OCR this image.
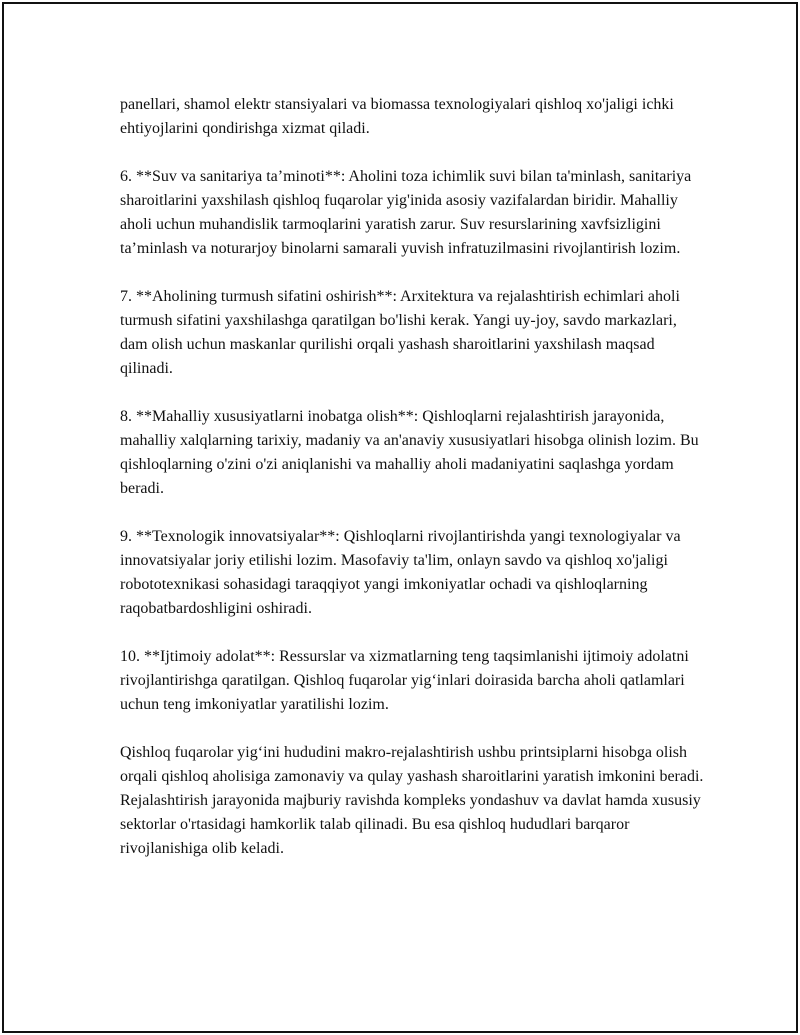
panellari, shamol elektr stansiyalari va biomassa texnologiyalari qishloq xo'jaligi ichki ehtiyojlarini qondirishga xizmat qiladi.

6. **Suv va sanitariya ta’minoti**: Aholini toza ichimlik suvi bilan ta'minlash, sanitariya sharoitlarini yaxshilash qishloq fuqarolar yig'inida asosiy vazifalardan biridir. Mahalliy aholi uchun muhandislik tarmoqlarini yaratish zarur. Suv resurslarining xavfsizligini ta’minlash va noturarjoy binolarni samarali yuvish infratuzilmasini rivojlantirish lozim.

7. **Aholining turmush sifatini oshirish**: Arxitektura va rejalashtirish echimlari aholi turmush sifatini yaxshilashga qaratilgan bo'lishi kerak. Yangi uy-joy, savdo markazlari, dam olish uchun maskanlar qurilishi orqali yashash sharoitlarini yaxshilash maqsad qilinadi.

8. **Mahalliy xususiyatlarni inobatga olish**: Qishloqlarni rejalashtirish jarayonida, mahalliy xalqlarning tarixiy, madaniy va an'anaviy xususiyatlari hisobga olinish lozim. Bu qishloqlarning o'zini o'zi aniqlanishi va mahalliy aholi madaniyatini saqlashga yordam beradi.

9. **Texnologik innovatsiyalar**: Qishloqlarni rivojlantirishda yangi texnologiyalar va innovatsiyalar joriy etilishi lozim. Masofaviy ta'lim, onlayn savdo va qishloq xo'jaligi robototexnikasi sohasidagi taraqqiyot yangi imkoniyatlar ochadi va qishloqlarning raqobatbardoshligini oshiradi.

10. **Ijtimoiy adolat**: Ressurslar va xizmatlarning teng taqsimlanishi ijtimoiy adolatni rivojlantirishga qaratilgan. Qishloq fuqarolar yig‘inlari doirasida barcha aholi qatlamlari uchun teng imkoniyatlar yaratilishi lozim.

Qishloq fuqarolar yig‘ini hududini makro-rejalashtirish ushbu printsiplarni hisobga olish orqali qishloq aholisiga zamonaviy va qulay yashash sharoitlarini yaratish imkonini beradi. Rejalashtirish jarayonida majburiy ravishda kompleks yondashuv va davlat hamda xususiy sektorlar o'rtasidagi hamkorlik talab qilinadi. Bu esa qishloq hududlari barqaror rivojlanishiga olib keladi.
